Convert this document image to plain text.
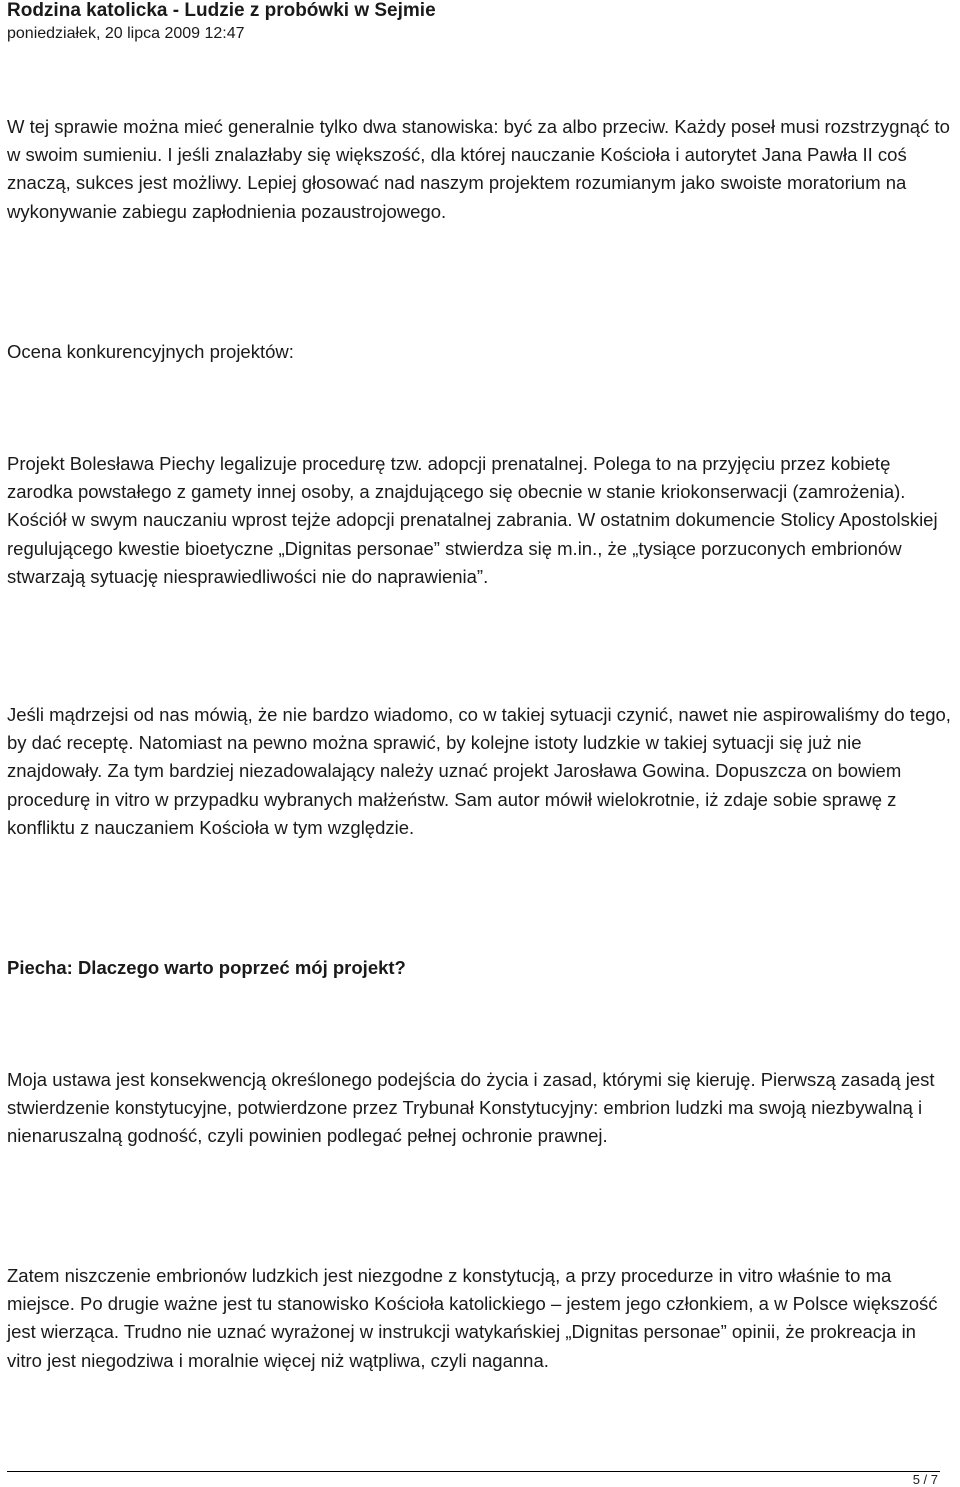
Rodzina katolicka - Ludzie z probówki w Sejmie
poniedziałek, 20 lipca 2009 12:47

W tej sprawie można mieć generalnie tylko dwa stanowiska: być za albo przeciw. Każdy poseł musi rozstrzygnąć to w swoim sumieniu. I jeśli znalazłaby się większość, dla której nauczanie Kościoła i autorytet Jana Pawła II coś znaczą, sukces jest możliwy. Lepiej głosować nad naszym projektem rozumianym jako swoiste moratorium na wykonywanie zabiegu zapłodnienia pozaustrojowego.

Ocena konkurencyjnych projektów:

Projekt Bolesława Piechy legalizuje procedurę tzw. adopcji prenatalnej. Polega to na przyjęciu przez kobietę zarodka powstałego z gamety innej osoby, a znajdującego się obecnie w stanie kriokonserwacji (zamrożenia). Kościół w swym nauczaniu wprost tejże adopcji prenatalnej zabrania. W ostatnim dokumencie Stolicy Apostolskiej regulującego kwestie bioetyczne „Dignitas personae” stwierdza się m.in., że „tysiące porzuconych embrionów stwarzają sytuację niesprawiedliwości nie do naprawienia”.

Jeśli mądrzejsi od nas mówią, że nie bardzo wiadomo, co w takiej sytuacji czynić, nawet nie aspirowaliśmy do tego, by dać receptę. Natomiast na pewno można sprawić, by kolejne istoty ludzkie w takiej sytuacji się już nie znajdowały. Za tym bardziej niezadowalający należy uznać projekt Jarosława Gowina. Dopuszcza on bowiem procedurę in vitro w przypadku wybranych małżeństw. Sam autor mówił wielokrotnie, iż zdaje sobie sprawę z konfliktu z nauczaniem Kościoła w tym względzie.

Piecha: Dlaczego warto poprzeć mój projekt?

Moja ustawa jest konsekwencją określonego podejścia do życia i zasad, którymi się kieruję. Pierwszą zasadą jest stwierdzenie konstytucyjne, potwierdzone przez Trybunał Konstytucyjny: embrion ludzki ma swoją niezbywalną i nienaruszalną godność, czyli powinien podlegać pełnej ochronie prawnej.

Zatem niszczenie embrionów ludzkich jest niezgodne z konstytucją, a przy procedurze in vitro właśnie to ma miejsce. Po drugie ważne jest tu stanowisko Kościoła katolickiego – jestem jego członkiem, a w Polsce większość jest wierząca. Trudno nie uznać wyrażonej w instrukcji watykańskiej „Dignitas personae” opinii, że prokreacja in vitro jest niegodziwa i moralnie więcej niż wątpliwa, czyli naganna.

5 / 7
